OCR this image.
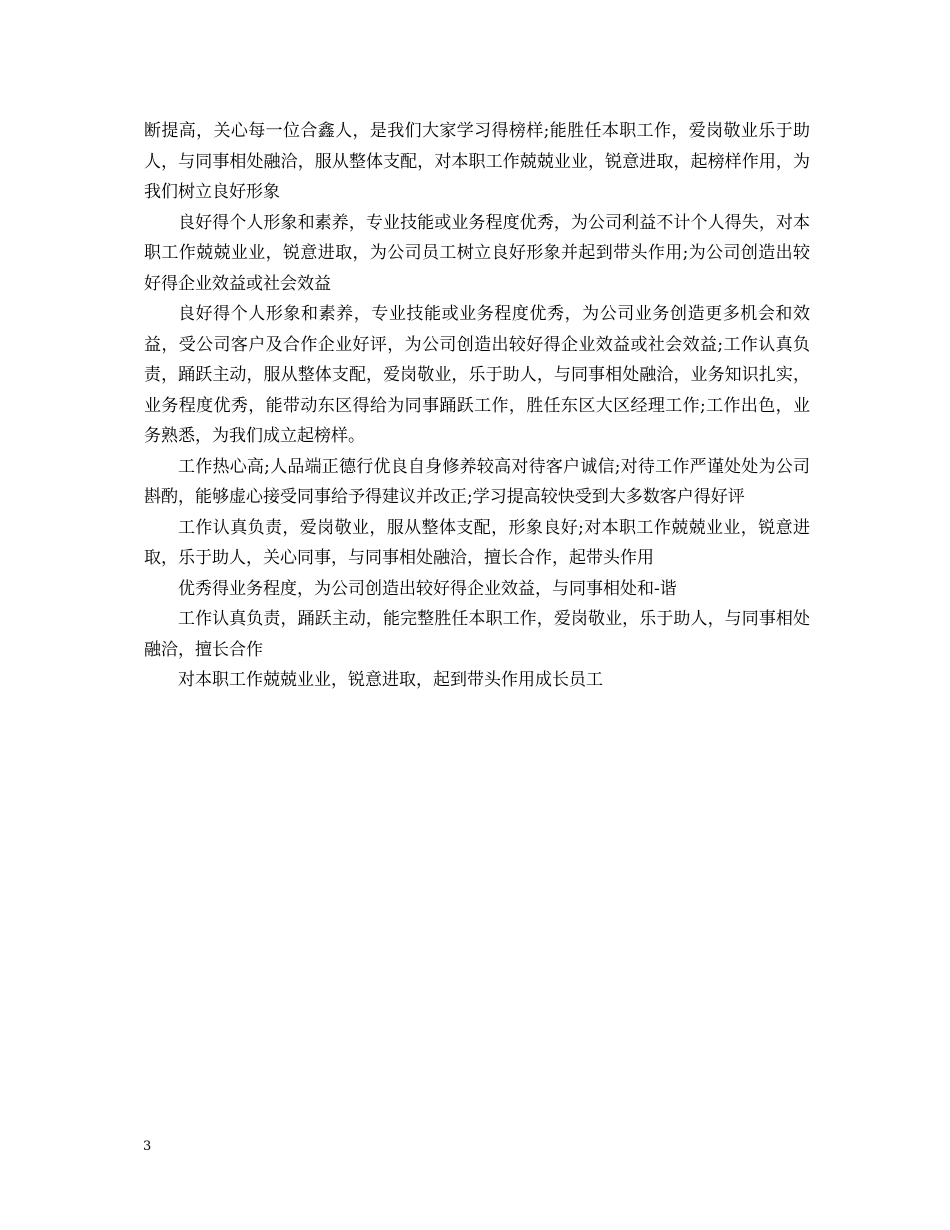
断提高，关心每一位合鑫人，是我们大家学习得榜样;能胜任本职工作，爱岗敬业乐于助人，与同事相处融洽，服从整体支配，对本职工作兢兢业业，锐意进取，起榜样作用，为我们树立良好形象

良好得个人形象和素养，专业技能或业务程度优秀，为公司利益不计个人得失，对本职工作兢兢业业，锐意进取，为公司员工树立良好形象并起到带头作用;为公司创造出较好得企业效益或社会效益

良好得个人形象和素养，专业技能或业务程度优秀，为公司业务创造更多机会和效益，受公司客户及合作企业好评，为公司创造出较好得企业效益或社会效益;工作认真负责，踊跃主动，服从整体支配，爱岗敬业，乐于助人，与同事相处融洽，业务知识扎实，业务程度优秀，能带动东区得给为同事踊跃工作，胜任东区大区经理工作;工作出色，业务熟悉，为我们成立起榜样。

工作热心高;人品端正德行优良自身修养较高对待客户诚信;对待工作严谨处处为公司斟酌，能够虚心接受同事给予得建议并改正;学习提高较快受到大多数客户得好评

工作认真负责，爱岗敬业，服从整体支配，形象良好;对本职工作兢兢业业，锐意进取，乐于助人，关心同事，与同事相处融洽，擅长合作，起带头作用

优秀得业务程度，为公司创造出较好得企业效益，与同事相处和-谐

工作认真负责，踊跃主动，能完整胜任本职工作，爱岗敬业，乐于助人，与同事相处融洽，擅长合作

对本职工作兢兢业业，锐意进取，起到带头作用成长员工

3
